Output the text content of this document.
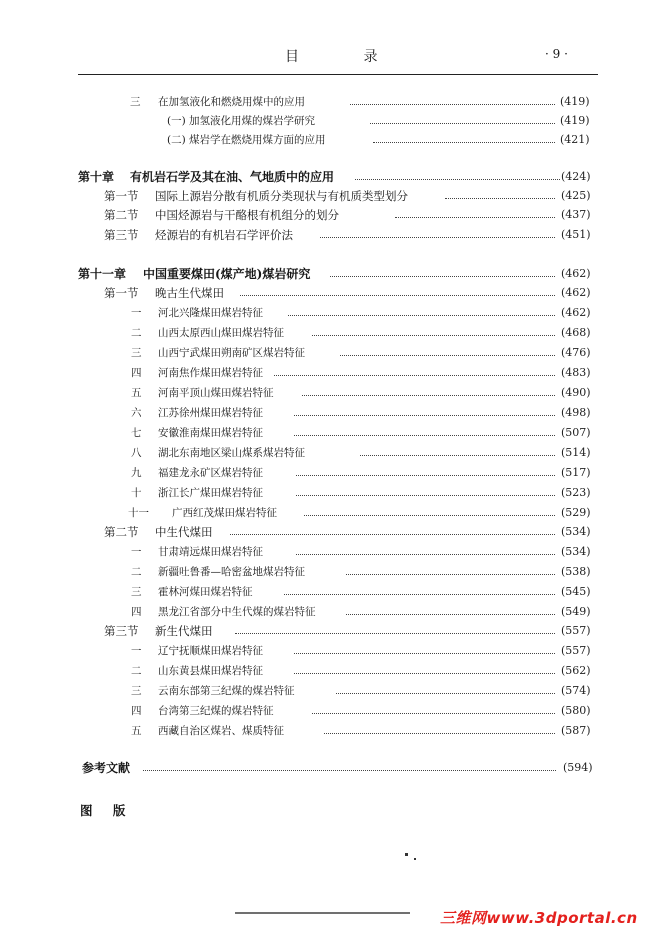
目 录	· 9 ·
三 在加氢液化和燃烧用煤中的应用	(419)
(一) 加氢液化用煤的煤岩学研究	(419)
(二) 煤岩学在燃烧用煤方面的应用	(421)
第十章 有机岩石学及其在油、气地质中的应用	(424)
第一节 国际上源岩分散有机质分类现状与有机质类型划分	(425)
第二节 中国烃源岩与干酪根有机组分的划分	(437)
第三节 烃源岩的有机岩石学评价法	(451)
第十一章 中国重要煤田(煤产地)煤岩研究	(462)
第一节 晚古生代煤田	(462)
一 河北兴隆煤田煤岩特征	(462)
二 山西太原西山煤田煤岩特征	(468)
三 山西宁武煤田朔南矿区煤岩特征	(476)
四 河南焦作煤田煤岩特征	(483)
五 河南平顶山煤田煤岩特征	(490)
六 江苏徐州煤田煤岩特征	(498)
七 安徽淮南煤田煤岩特征	(507)
八 湖北东南地区梁山煤系煤岩特征	(514)
九 福建龙永矿区煤岩特征	(517)
十 浙江长广煤田煤岩特征	(523)
十一 广西红茂煤田煤岩特征	(529)
第二节 中生代煤田	(534)
一 甘肃靖远煤田煤岩特征	(534)
二 新疆吐鲁番—哈密盆地煤岩特征	(538)
三 霍林河煤田煤岩特征	(545)
四 黑龙江省部分中生代煤的煤岩特征	(549)
第三节 新生代煤田	(557)
一 辽宁抚顺煤田煤岩特征	(557)
二 山东黄县煤田煤岩特征	(562)
三 云南东部第三纪煤的煤岩特征	(574)
四 台湾第三纪煤的煤岩特征	(580)
五 西藏自治区煤岩、煤质特征	(587)
参考文献	(594)
图 版
三维网www.3dportal.cn
